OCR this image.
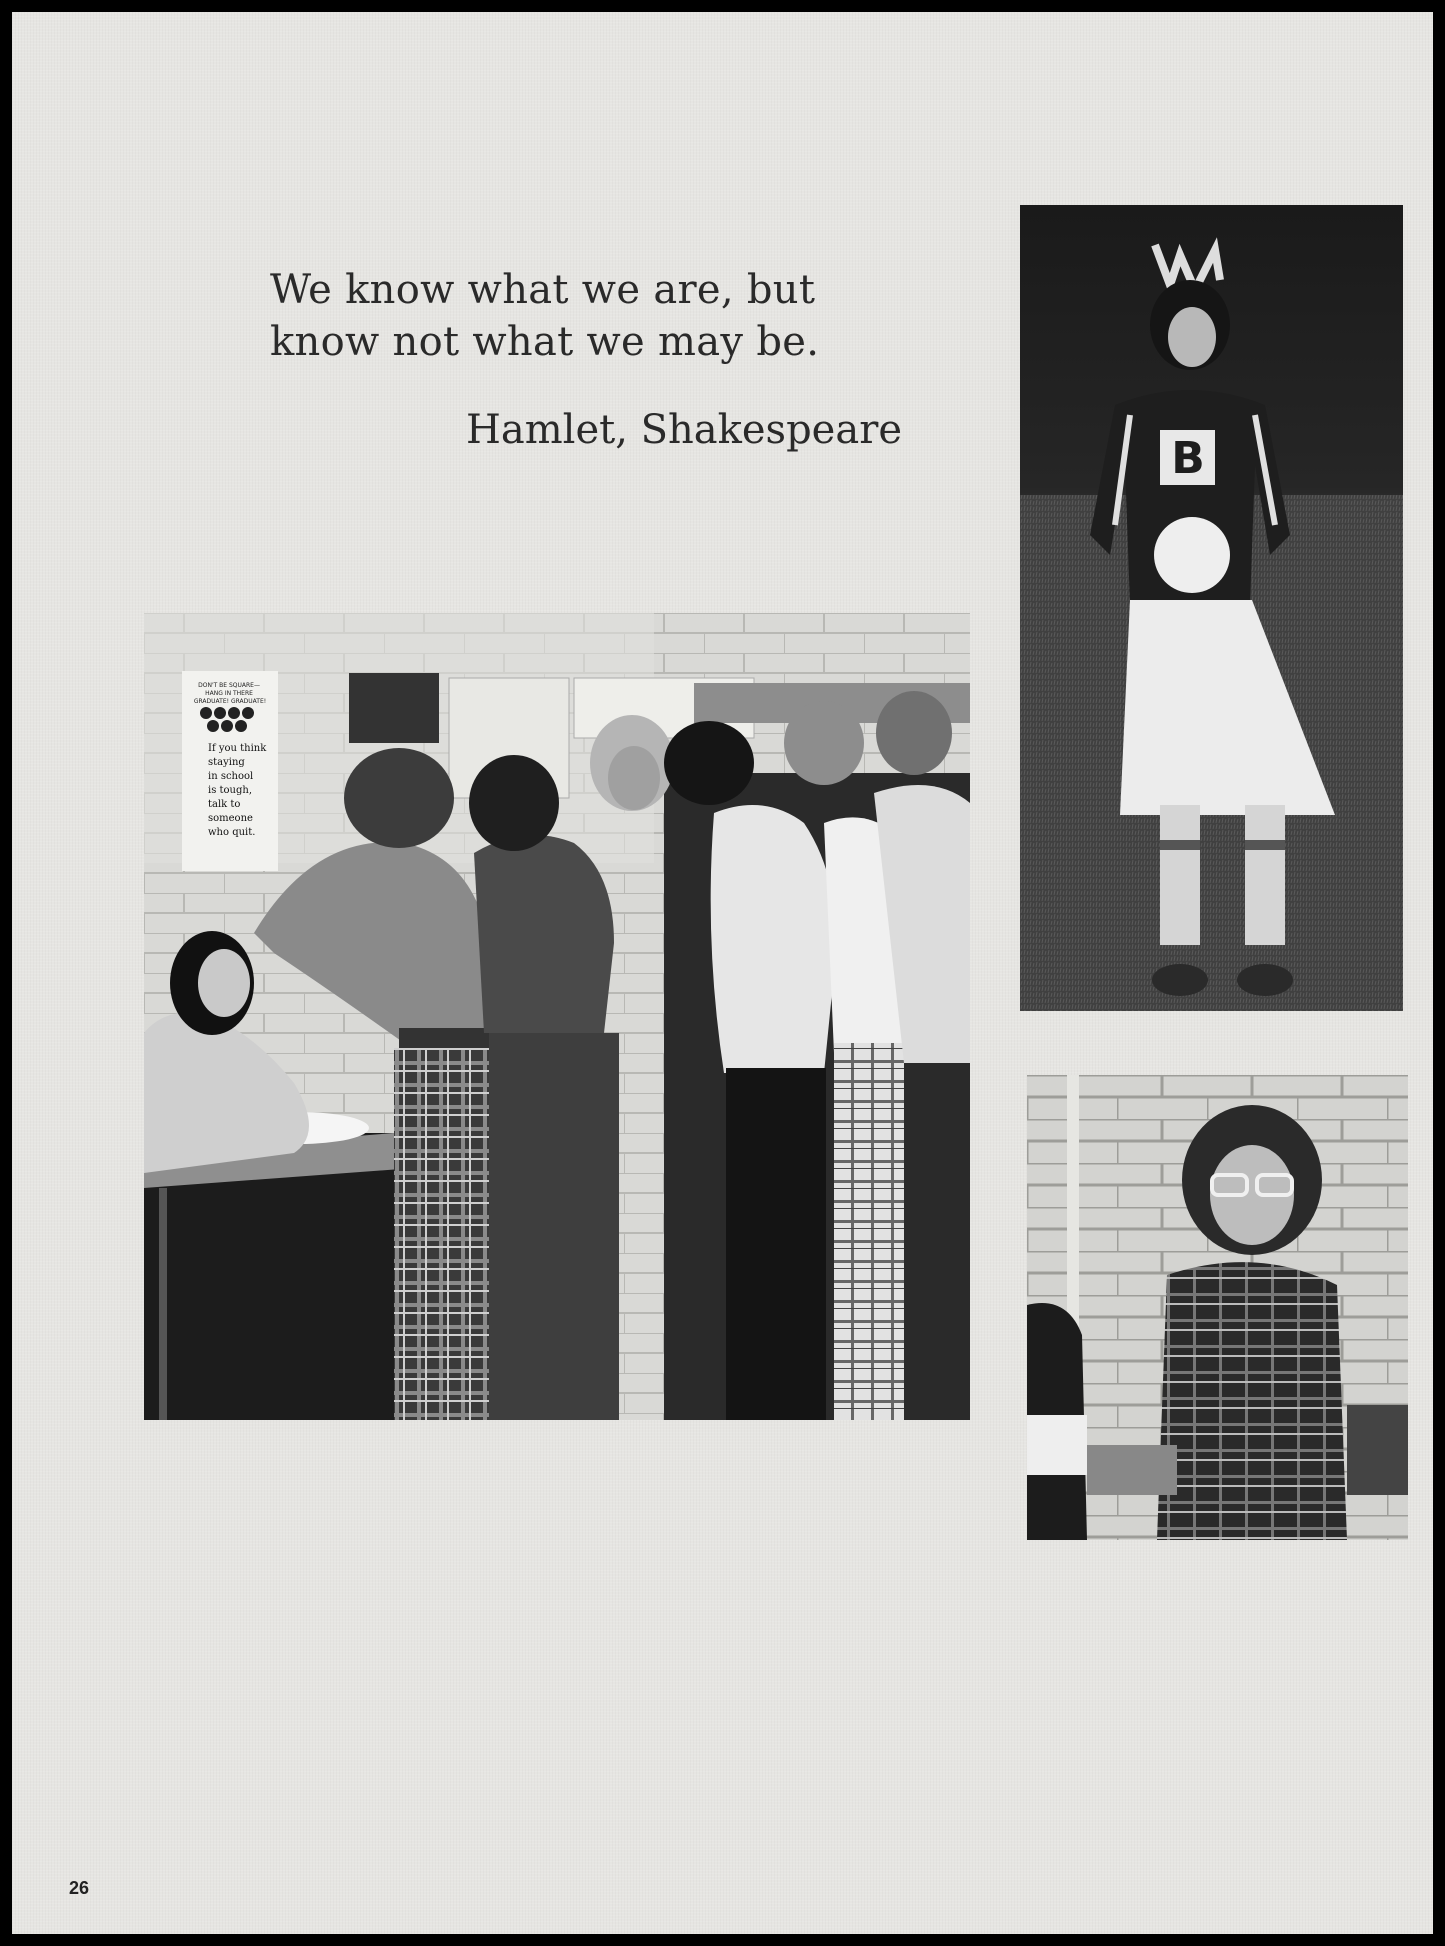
We know what we are, but
know not what we may be.
Hamlet, Shakespeare
DON'T BE SQUARE— HANG IN THERE GRADUATE! GRADUATE!
If you think staying in school is tough, talk to someone who quit.
B
26
